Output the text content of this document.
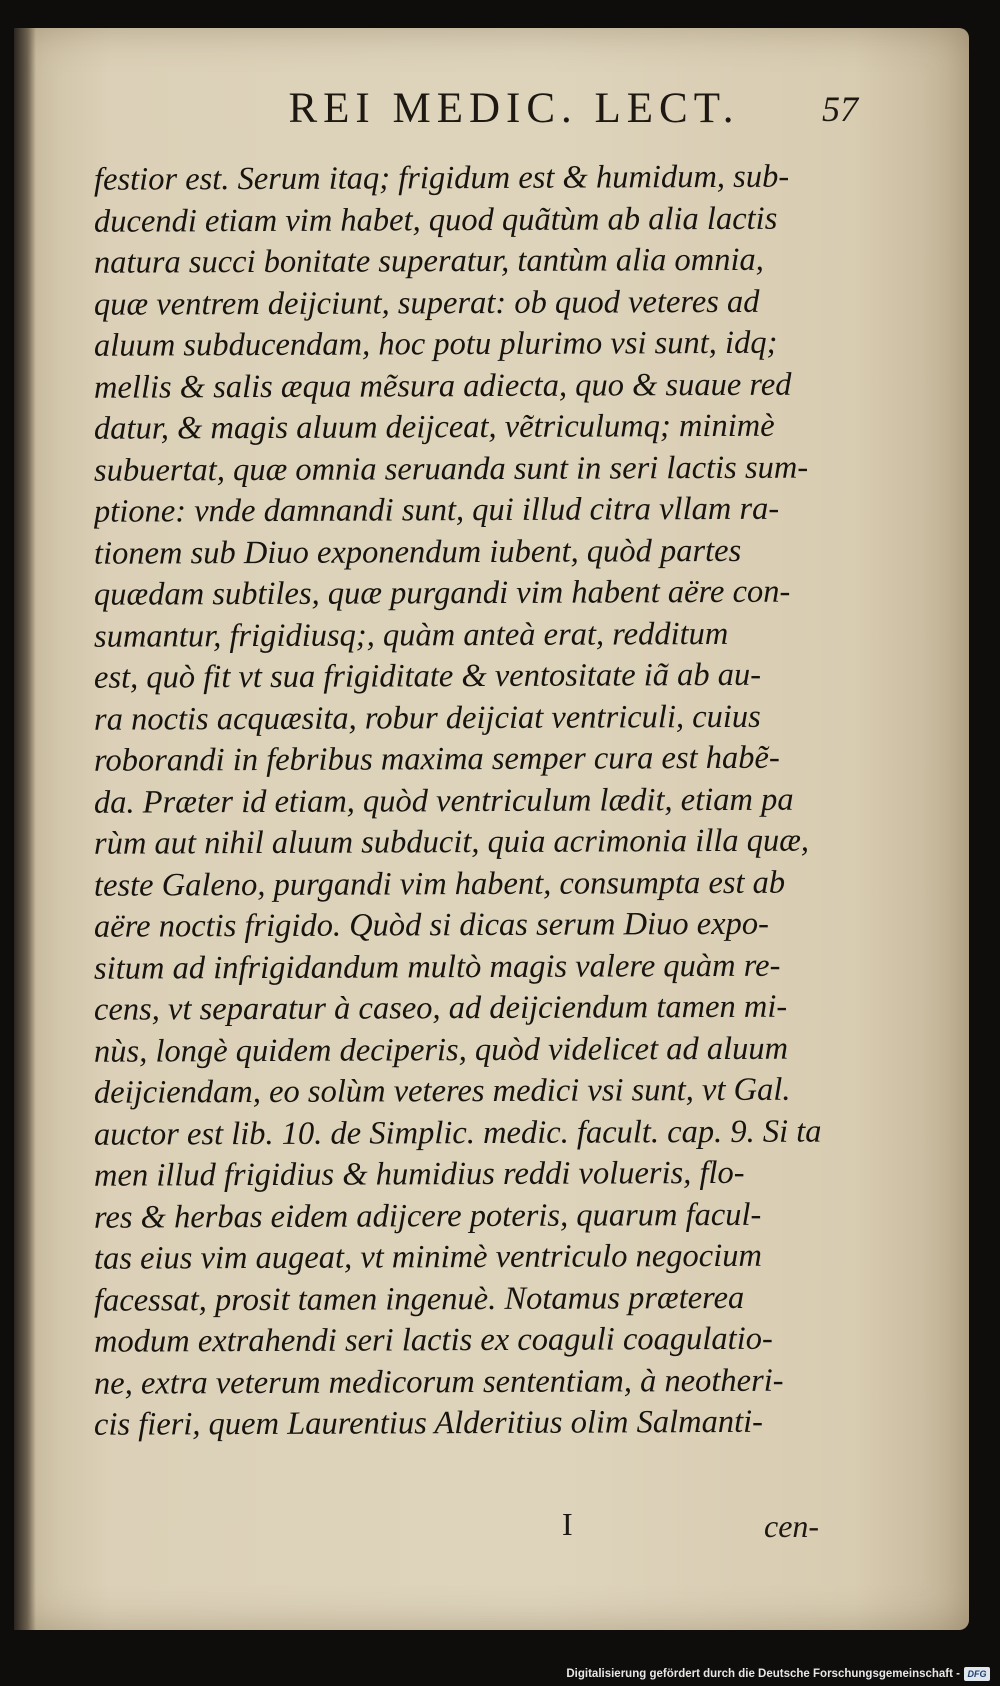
REI MEDIC. LECT.	57
festior est. Serum itaq; frigidum est & humidum, sub-
ducendi etiam vim habet, quod quãtùm ab alia lactis
natura succi bonitate superatur, tantùm alia omnia,
quæ ventrem deijciunt, superat: ob quod veteres ad
aluum subducendam, hoc potu plurimo vsi sunt, idq;
mellis & salis æqua mẽsura adiecta, quo & suaue red
datur, & magis aluum deijceat, vẽtriculumq; minimè
subuertat, quæ omnia seruanda sunt in seri lactis sum-
ptione: vnde damnandi sunt, qui illud citra vllam ra-
tionem sub Diuo exponendum iubent, quòd partes
quædam subtiles, quæ purgandi vim habent aëre con-
sumantur, frigidiusq;, quàm anteà erat, redditum
est, quò fit vt sua frigiditate & ventositate iã ab au-
ra noctis acquæsita, robur deijciat ventriculi, cuius
roborandi in febribus maxima semper cura est habẽ-
da. Præter id etiam, quòd ventriculum lædit, etiam pa
rùm aut nihil aluum subducit, quia acrimonia illa quæ,
teste Galeno, purgandi vim habent, consumpta est ab
aëre noctis frigido. Quòd si dicas serum Diuo expo-
situm ad infrigidandum multò magis valere quàm re-
cens, vt separatur à caseo, ad deijciendum tamen mi-
nùs, longè quidem deciperis, quòd videlicet ad aluum
deijciendam, eo solùm veteres medici vsi sunt, vt Gal.
auctor est lib. 10. de Simplic. medic. facult. cap. 9. Si ta
men illud frigidius & humidius reddi volueris, flo-
res & herbas eidem adijcere poteris, quarum facul-
tas eius vim augeat, vt minimè ventriculo negocium
facessat, prosit tamen ingenuè. Notamus præterea
modum extrahendi seri lactis ex coaguli coagulatio-
ne, extra veterum medicorum sententiam, à neotheri-
cis fieri, quem Laurentius Alderitius olim Salmanti-
I	cen-
Digitalisierung gefördert durch die Deutsche Forschungsgemeinschaft - DFG
